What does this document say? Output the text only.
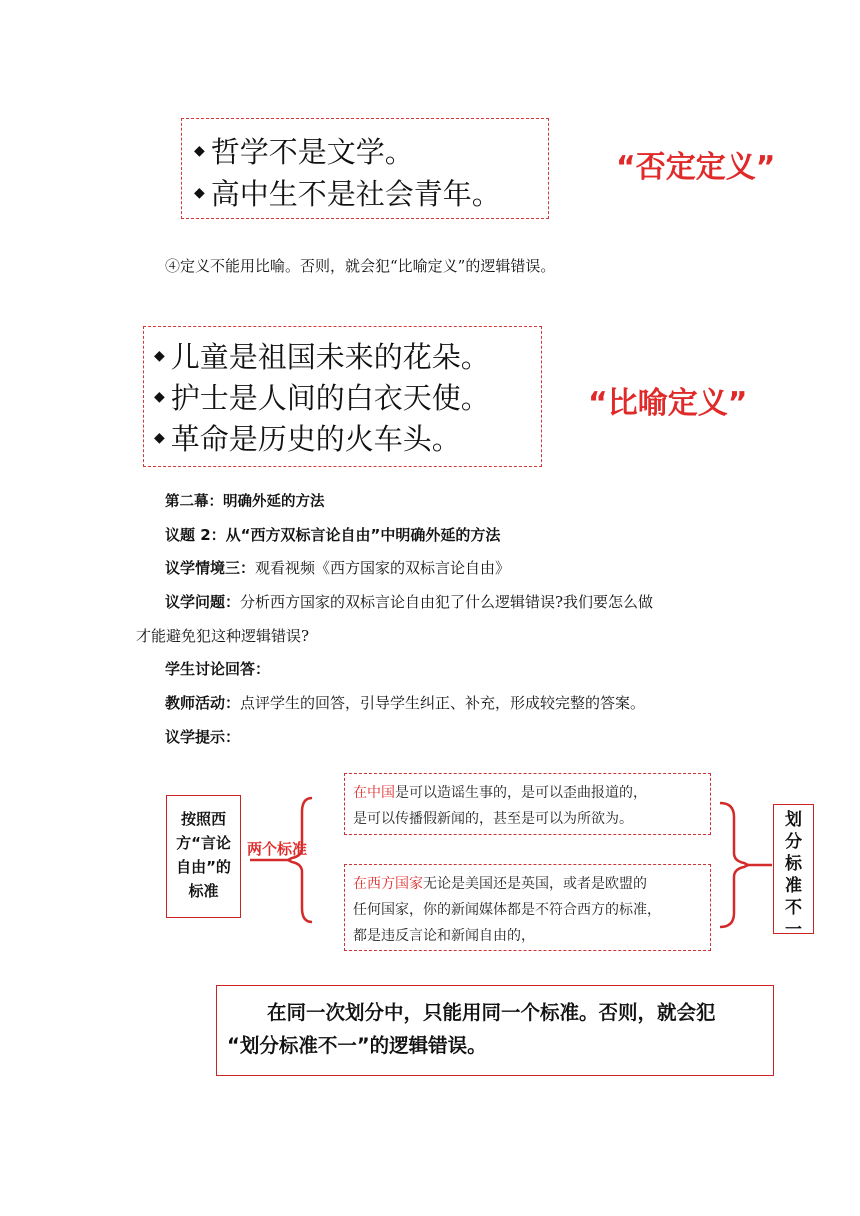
◆ 哲学不是文学。
◆ 高中生不是社会青年。
“否定定义”
④定义不能用比喻。否则，就会犯“比喻定义”的逻辑错误。
◆ 儿童是祖国未来的花朵。
◆ 护士是人间的白衣天使。
◆ 革命是历史的火车头。
“比喻定义”
第二幕：明确外延的方法
议题 2：从“西方双标言论自由”中明确外延的方法
议学情境三：观看视频《西方国家的双标言论自由》
议学问题：分析西方国家的双标言论自由犯了什么逻辑错误?我们要怎么做
才能避免犯这种逻辑错误?
学生讨论回答：
教师活动：点评学生的回答，引导学生纠正、补充，形成较完整的答案。
议学提示：
按照西
方“言论
自由”的
标准
两个标准
在中国是可以造谣生事的，是可以歪曲报道的，
是可以传播假新闻的，甚至是可以为所欲为。
在西方国家无论是美国还是英国，或者是欧盟的
任何国家，你的新闻媒体都是不符合西方的标准，
都是违反言论和新闻自由的，
划
分
标
准
不
一
在同一次划分中，只能用同一个标准。否则，就会犯
“划分标准不一”的逻辑错误。
